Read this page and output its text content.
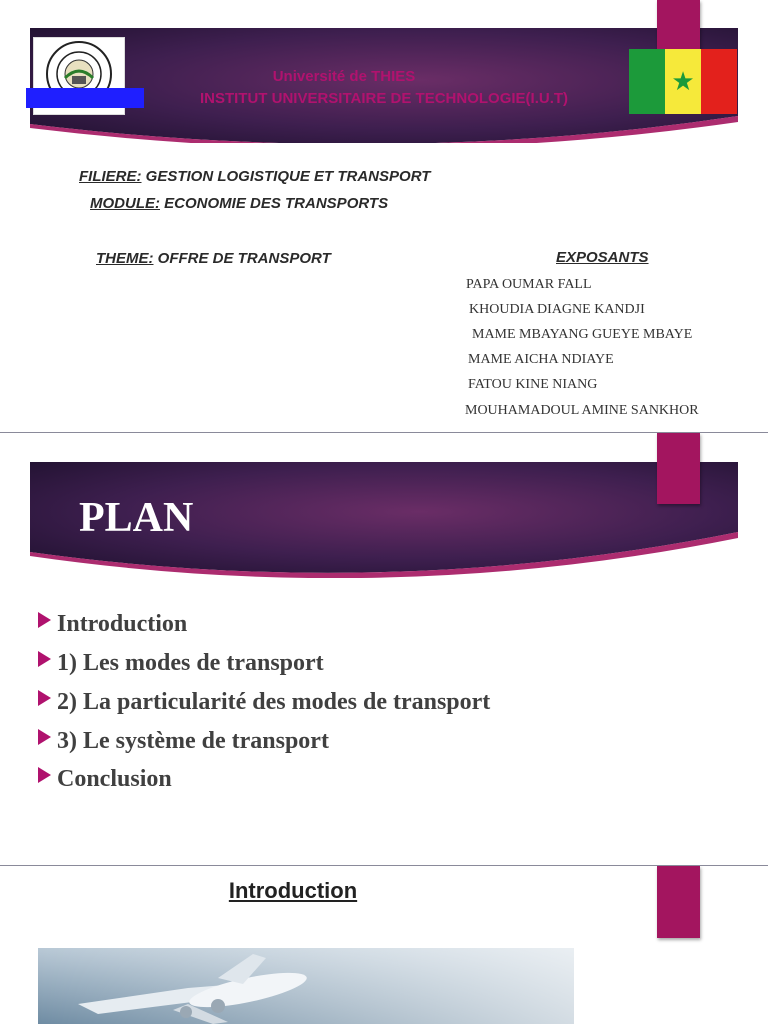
Université de THIES
INSTITUT UNIVERSITAIRE DE TECHNOLOGIE(I.U.T)
★
FILIERE: GESTION LOGISTIQUE ET TRANSPORT
MODULE: ECONOMIE DES TRANSPORTS
THEME: OFFRE DE TRANSPORT	EXPOSANTS
PAPA OUMAR FALL
KHOUDIA DIAGNE KANDJI
MAME MBAYANG GUEYE MBAYE
MAME AICHA NDIAYE
FATOU KINE NIANG
MOUHAMADOUL AMINE SANKHOR
PLAN
Introduction
1) Les modes de transport
2) La particularité des modes de transport
3) Le système de transport
Conclusion
Introduction
